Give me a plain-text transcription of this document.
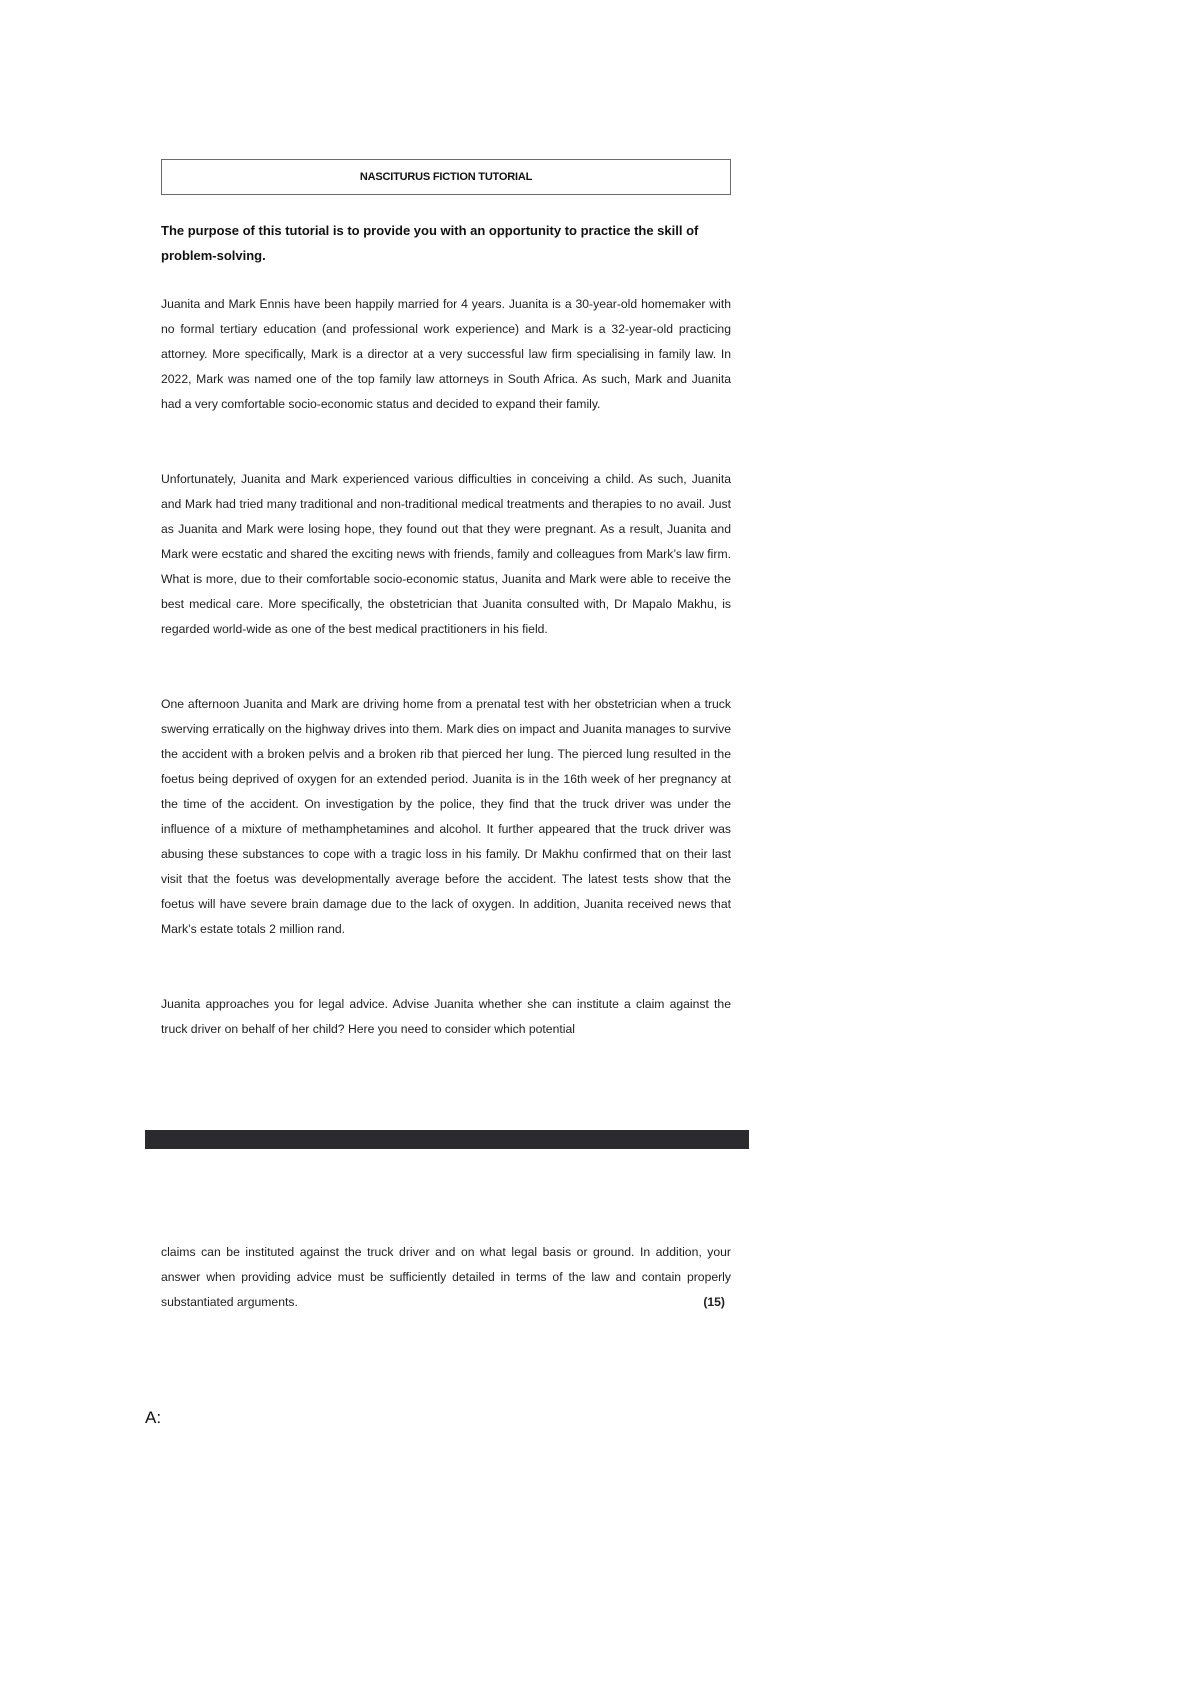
NASCITURUS FICTION TUTORIAL
The purpose of this tutorial is to provide you with an opportunity to practice the skill of problem-solving.

Juanita and Mark Ennis have been happily married for 4 years. Juanita is a 30-year-old homemaker with no formal tertiary education (and professional work experience) and Mark is a 32-year-old practicing attorney. More specifically, Mark is a director at a very successful law firm specialising in family law. In 2022, Mark was named one of the top family law attorneys in South Africa. As such, Mark and Juanita had a very comfortable socio-economic status and decided to expand their family.

Unfortunately, Juanita and Mark experienced various difficulties in conceiving a child. As such, Juanita and Mark had tried many traditional and non-traditional medical treatments and therapies to no avail. Just as Juanita and Mark were losing hope, they found out that they were pregnant. As a result, Juanita and Mark were ecstatic and shared the exciting news with friends, family and colleagues from Mark’s law firm. What is more, due to their comfortable socio-economic status, Juanita and Mark were able to receive the best medical care. More specifically, the obstetrician that Juanita consulted with, Dr Mapalo Makhu, is regarded world-wide as one of the best medical practitioners in his field.

One afternoon Juanita and Mark are driving home from a prenatal test with her obstetrician when a truck swerving erratically on the highway drives into them. Mark dies on impact and Juanita manages to survive the accident with a broken pelvis and a broken rib that pierced her lung. The pierced lung resulted in the foetus being deprived of oxygen for an extended period. Juanita is in the 16th week of her pregnancy at the time of the accident. On investigation by the police, they find that the truck driver was under the influence of a mixture of methamphetamines and alcohol. It further appeared that the truck driver was abusing these substances to cope with a tragic loss in his family. Dr Makhu confirmed that on their last visit that the foetus was developmentally average before the accident. The latest tests show that the foetus will have severe brain damage due to the lack of oxygen. In addition, Juanita received news that Mark’s estate totals 2 million rand.

Juanita approaches you for legal advice. Advise Juanita whether she can institute a claim against the truck driver on behalf of her child? Here you need to consider which potential

claims can be instituted against the truck driver and on what legal basis or ground. In addition, your answer when providing advice must be sufficiently detailed in terms of the law and contain properly substantiated arguments.	(15)

A:
